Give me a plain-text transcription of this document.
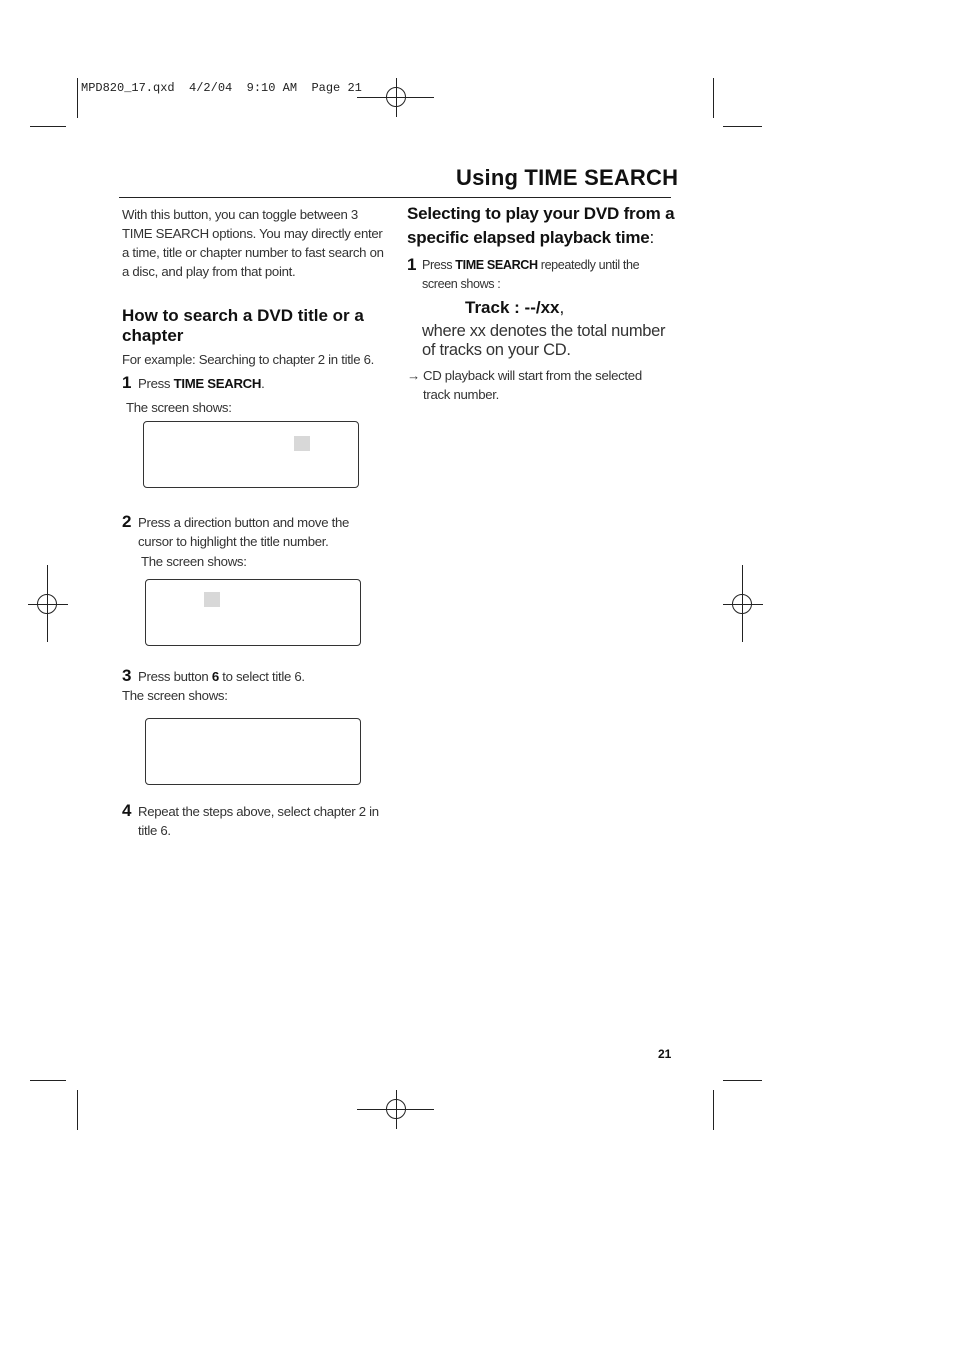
MPD820_17.qxd  4/2/04  9:10 AM  Page 21
Using TIME SEARCH
With this button, you can toggle between 3 TIME SEARCH options. You may directly enter a time, title or chapter number to fast search on a disc, and play from that point.
How to search a DVD title or a chapter
For example: Searching to chapter 2 in title 6.
1 Press TIME SEARCH.
The screen shows:
2 Press a direction button and move the cursor to highlight the title number.
The screen shows:
3 Press button 6 to select title 6.
The screen shows:
4 Repeat the steps above, select chapter 2 in title 6.
Selecting to play your DVD from a specific elapsed playback time:
1 Press TIME SEARCH repeatedly until the screen shows :
Track : --/xx,
where xx denotes the total number of tracks on your CD.
→ CD playback will start from the selected track number.
21
